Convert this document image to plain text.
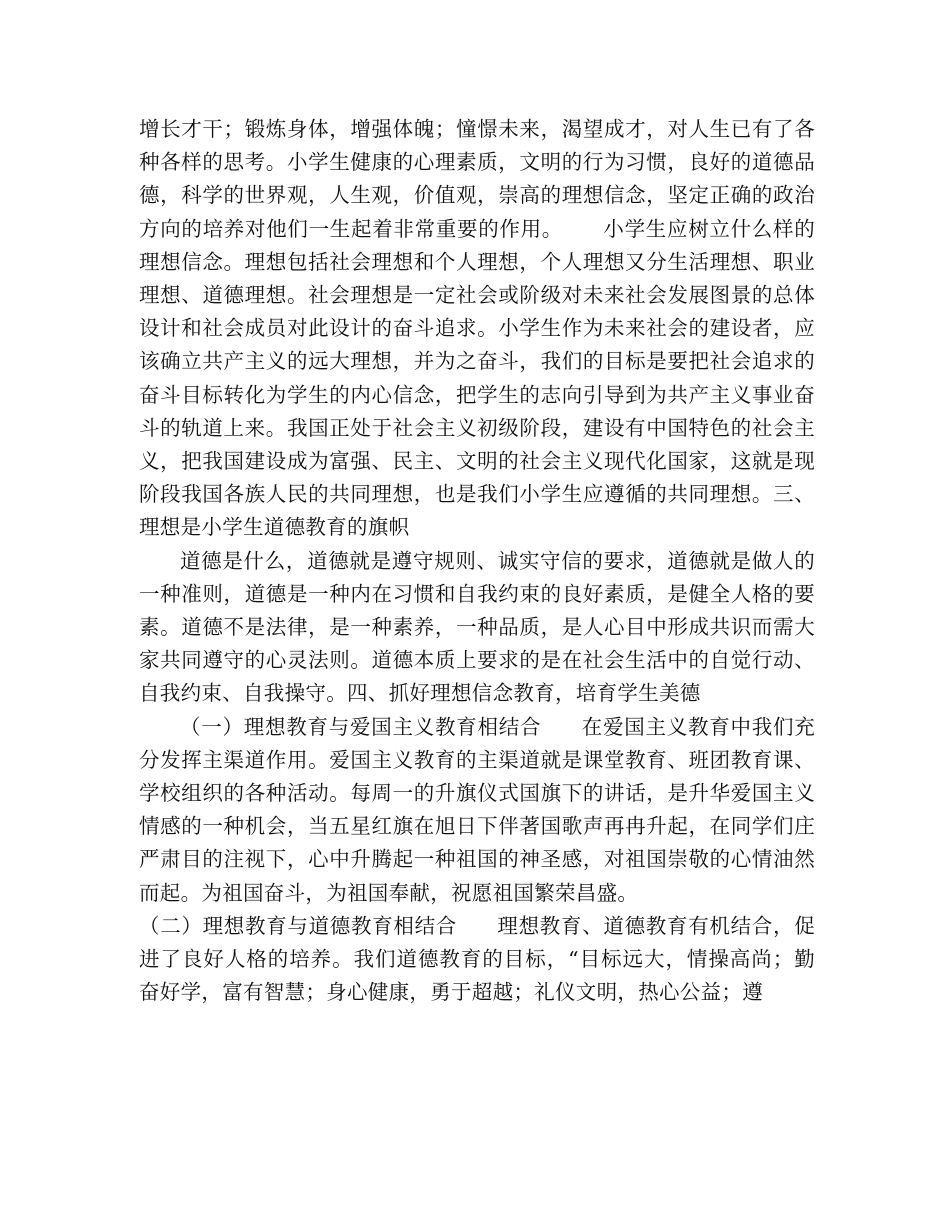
增长才干；锻炼身体，增强体魄；憧憬未来，渴望成才，对人生已有了各种各样的思考。小学生健康的心理素质，文明的行为习惯，良好的道德品德，科学的世界观，人生观，价值观，崇高的理想信念，坚定正确的政治方向的培养对他们一生起着非常重要的作用。 小学生应树立什么样的理想信念。理想包括社会理想和个人理想，个人理想又分生活理想、职业理想、道德理想。社会理想是一定社会或阶级对未来社会发展图景的总体设计和社会成员对此设计的奋斗追求。小学生作为未来社会的建设者，应该确立共产主义的远大理想，并为之奋斗，我们的目标是要把社会追求的奋斗目标转化为学生的内心信念，把学生的志向引导到为共产主义事业奋斗的轨道上来。我国正处于社会主义初级阶段，建设有中国特色的社会主义，把我国建设成为富强、民主、文明的社会主义现代化国家，这就是现阶段我国各族人民的共同理想，也是我们小学生应遵循的共同理想。三、理想是小学生道德教育的旗帜

道德是什么，道德就是遵守规则、诚实守信的要求，道德就是做人的一种准则，道德是一种内在习惯和自我约束的良好素质，是健全人格的要素。道德不是法律，是一种素养，一种品质，是人心目中形成共识而需大家共同遵守的心灵法则。道德本质上要求的是在社会生活中的自觉行动、自我约束、自我操守。四、抓好理想信念教育，培育学生美德

（一）理想教育与爱国主义教育相结合 在爱国主义教育中我们充分发挥主渠道作用。爱国主义教育的主渠道就是课堂教育、班团教育课、学校组织的各种活动。每周一的升旗仪式国旗下的讲话，是升华爱国主义情感的一种机会，当五星红旗在旭日下伴著国歌声再冉升起，在同学们庄严肃目的注视下，心中升腾起一种祖国的神圣感，对祖国崇敬的心情油然而起。为祖国奋斗，为祖国奉献，祝愿祖国繁荣昌盛。

（二）理想教育与道德教育相结合 理想教育、道德教育有机结合，促进了良好人格的培养。我们道德教育的目标，“目标远大，情操高尚；勤奋好学，富有智慧；身心健康，勇于超越；礼仪文明，热心公益；遵
